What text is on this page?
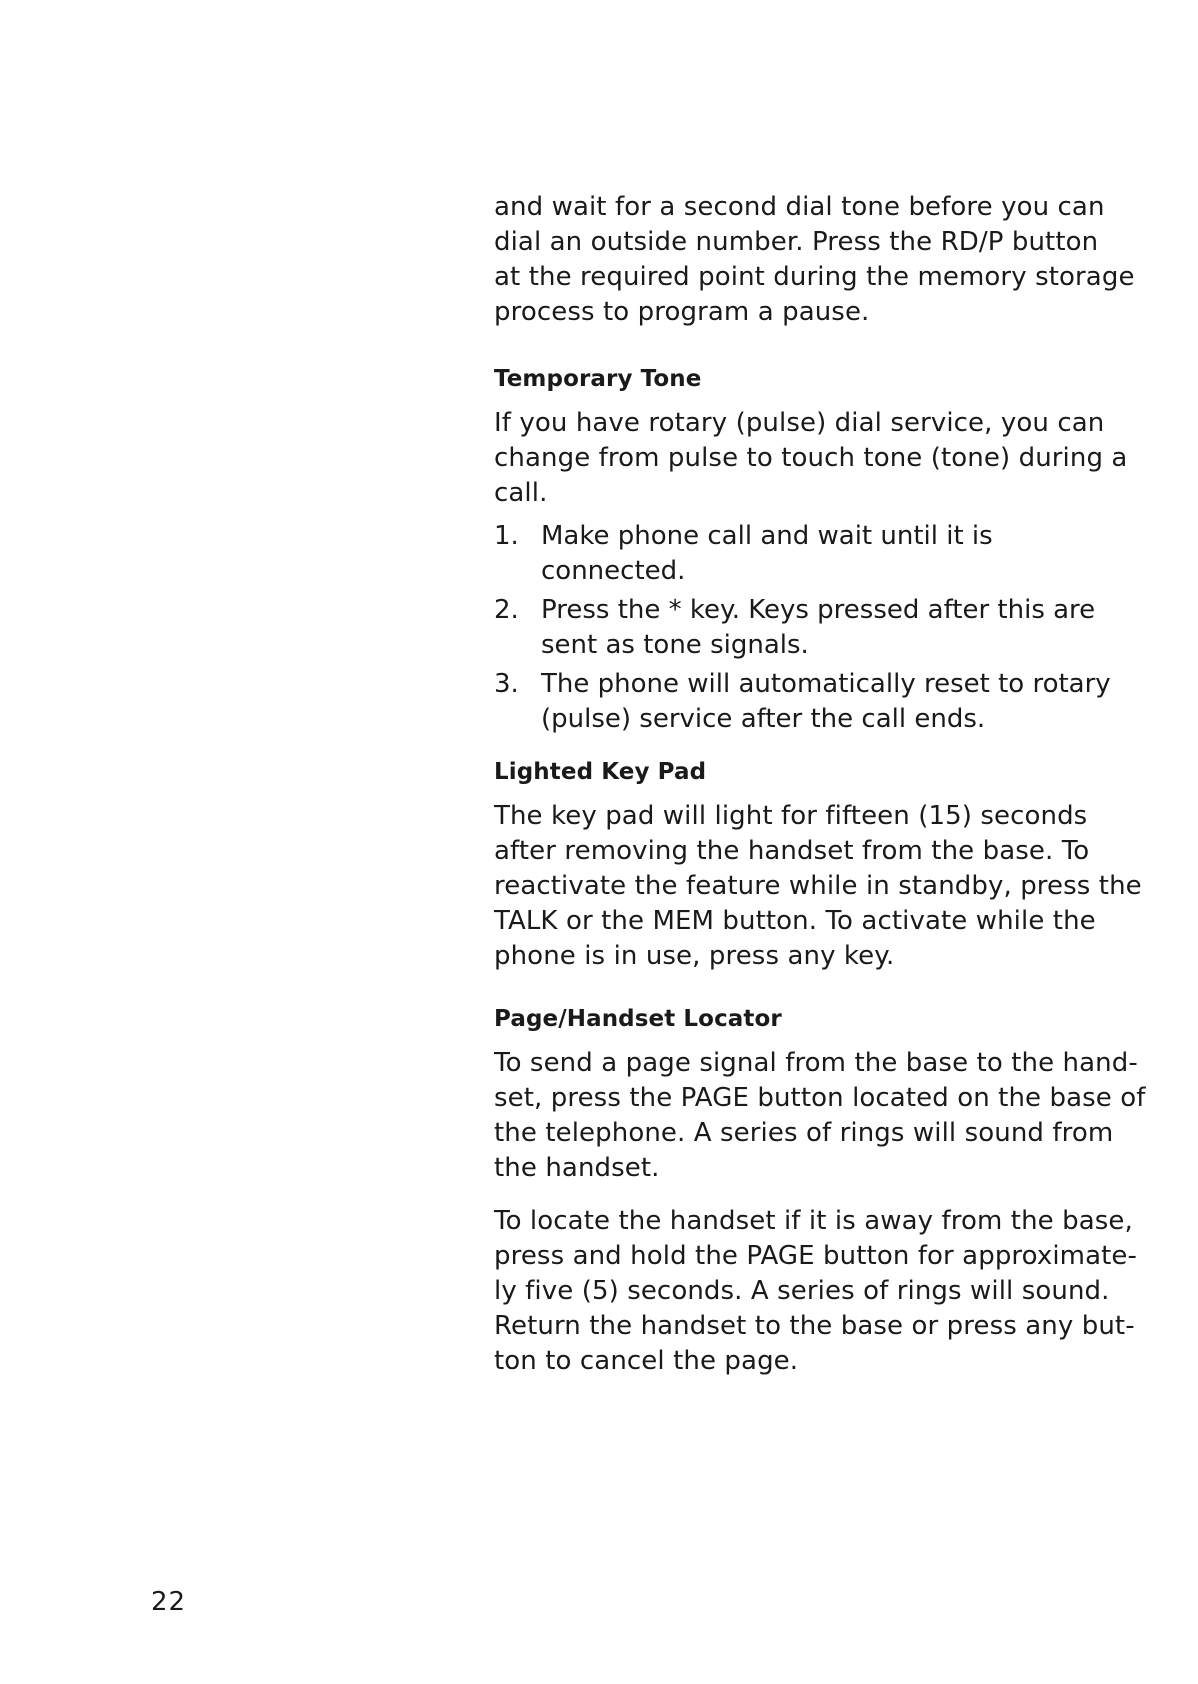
and wait for a second dial tone before you can
dial an outside number. Press the RD/P button
at the required point during the memory storage
process to program a pause.

Temporary Tone

If you have rotary (pulse) dial service, you can
change from pulse to touch tone (tone) during a
call.

1. Make phone call and wait until it is
connected.
2. Press the * key. Keys pressed after this are
sent as tone signals.
3. The phone will automatically reset to rotary
(pulse) service after the call ends.
Lighted Key Pad

The key pad will light for fifteen (15) seconds
after removing the handset from the base. To
reactivate the feature while in standby, press the
TALK or the MEM button. To activate while the
phone is in use, press any key.

Page/Handset Locator

To send a page signal from the base to the hand-
set, press the PAGE button located on the base of
the telephone. A series of rings will sound from
the handset.

To locate the handset if it is away from the base,
press and hold the PAGE button for approximate-
ly five (5) seconds. A series of rings will sound.
Return the handset to the base or press any but-
ton to cancel the page.

22
